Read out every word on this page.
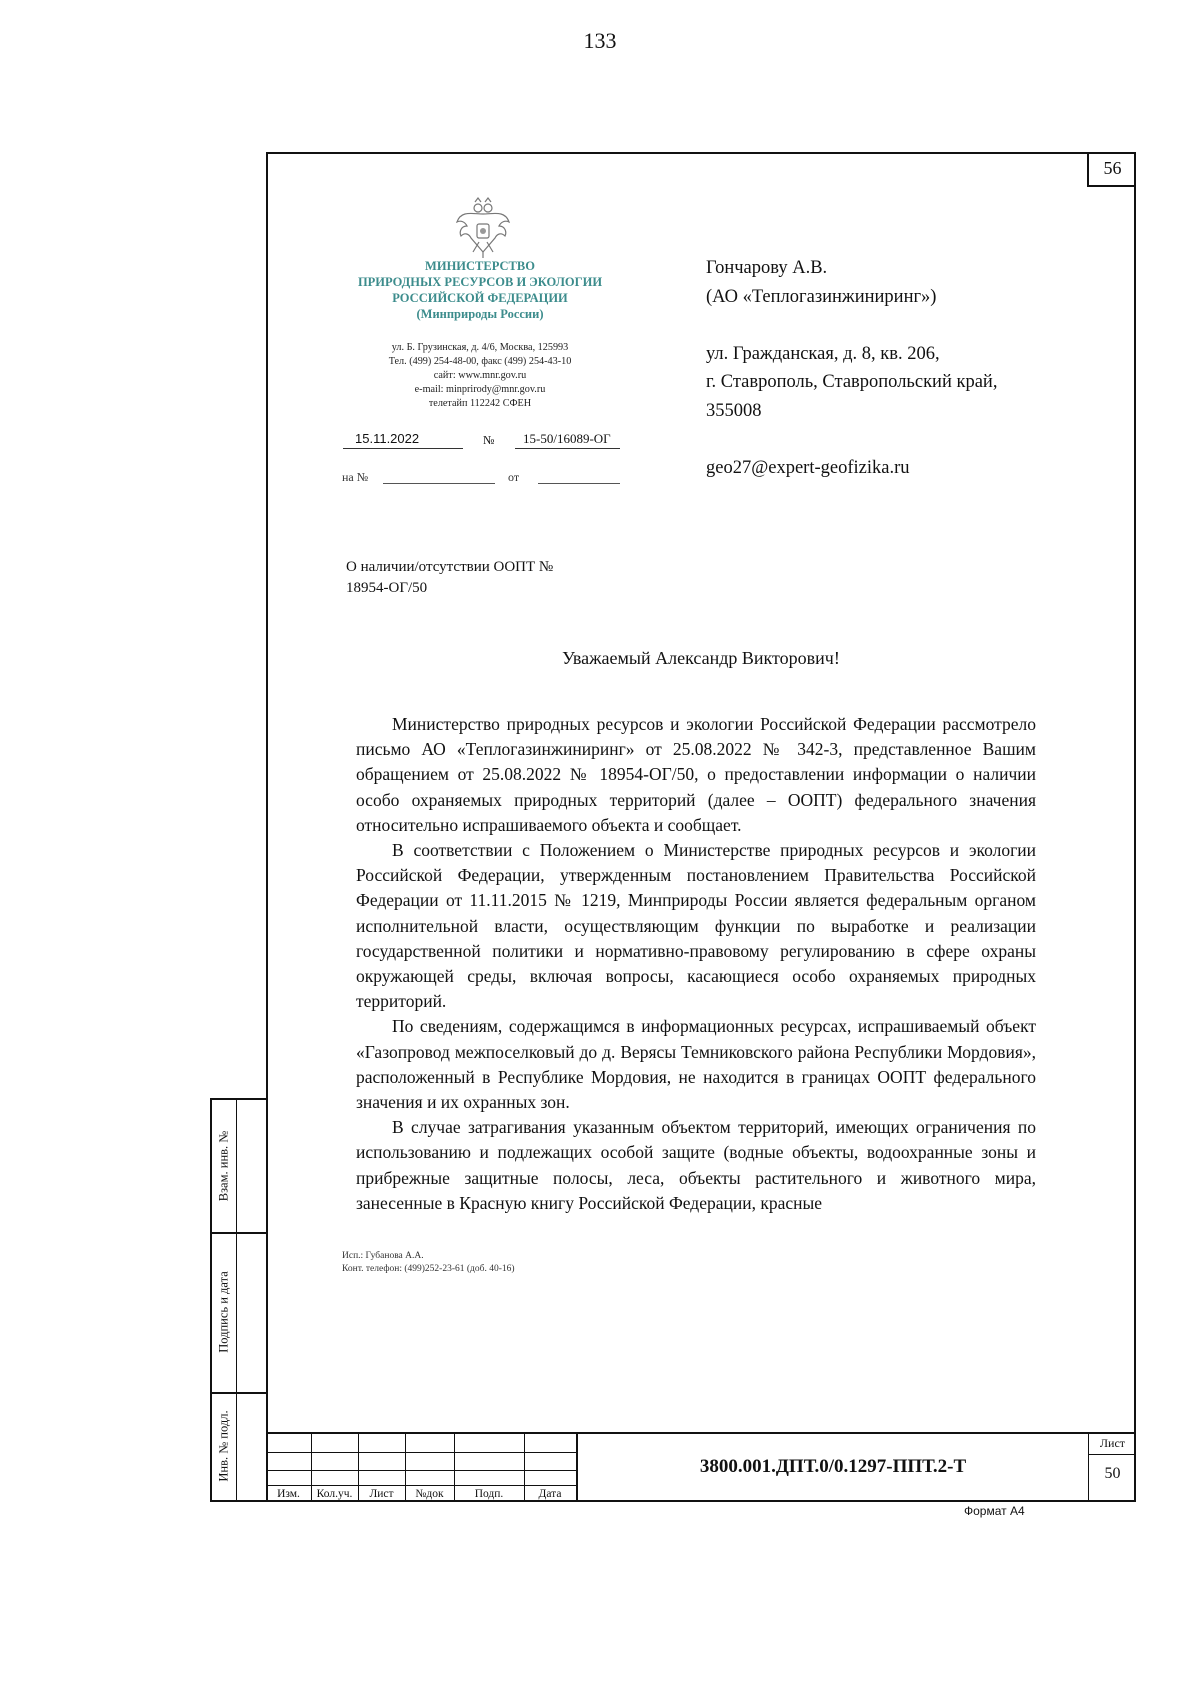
133
56
МИНИСТЕРСТВО
ПРИРОДНЫХ РЕСУРСОВ И ЭКОЛОГИИ
РОССИЙСКОЙ ФЕДЕРАЦИИ
(Минприроды России)
ул. Б. Грузинская, д. 4/6, Москва, 125993
Тел. (499) 254-48-00, факс (499) 254-43-10
сайт: www.mnr.gov.ru
e-mail: minprirody@mnr.gov.ru
телетайп 112242 СФЕН
15.11.2022	№	15-50/16089-ОГ
на №	от
Гончарову А.В.
(АО «Теплогазинжиниринг»)

ул. Гражданская, д. 8, кв. 206,
г. Ставрополь, Ставропольский край,
355008

geo27@expert-geofizika.ru
О наличии/отсутствии ООПТ №
18954-ОГ/50
Уважаемый Александр Викторович!

Министерство природных ресурсов и экологии Российской Федерации рассмотрело письмо АО «Теплогазинжиниринг» от 25.08.2022 № 342-3, представленное Вашим обращением от 25.08.2022 № 18954-ОГ/50, о предоставлении информации о наличии особо охраняемых природных территорий (далее – ООПТ) федерального значения относительно испрашиваемого объекта и сообщает.

В соответствии с Положением о Министерстве природных ресурсов и экологии Российской Федерации, утвержденным постановлением Правительства Российской Федерации от 11.11.2015 № 1219, Минприроды России является федеральным органом исполнительной власти, осуществляющим функции по выработке и реализации государственной политики и нормативно-правовому регулированию в сфере охраны окружающей среды, включая вопросы, касающиеся особо охраняемых природных территорий.

По сведениям, содержащимся в информационных ресурсах, испрашиваемый объект «Газопровод межпоселковый до д. Верясы Темниковского района Республики Мордовия», расположенный в Республике Мордовия, не находится в границах ООПТ федерального значения и их охранных зон.

В случае затрагивания указанным объектом территорий, имеющих ограничения по использованию и подлежащих особой защите (водные объекты, водоохранные зоны и прибрежные защитные полосы, леса, объекты растительного и животного мира, занесенные в Красную книгу Российской Федерации, красные

Исп.: Губанова А.А.
Конт. телефон: (499)252-23-61 (доб. 40-16)
Взам. инв. №
Подпись и дата
Инв. № подл.
Изм.	Кол.уч.	Лист	№док	Подп.	Дата
3800.001.ДПТ.0/0.1297-ППТ.2-Т
Лист
50
Формат А4
